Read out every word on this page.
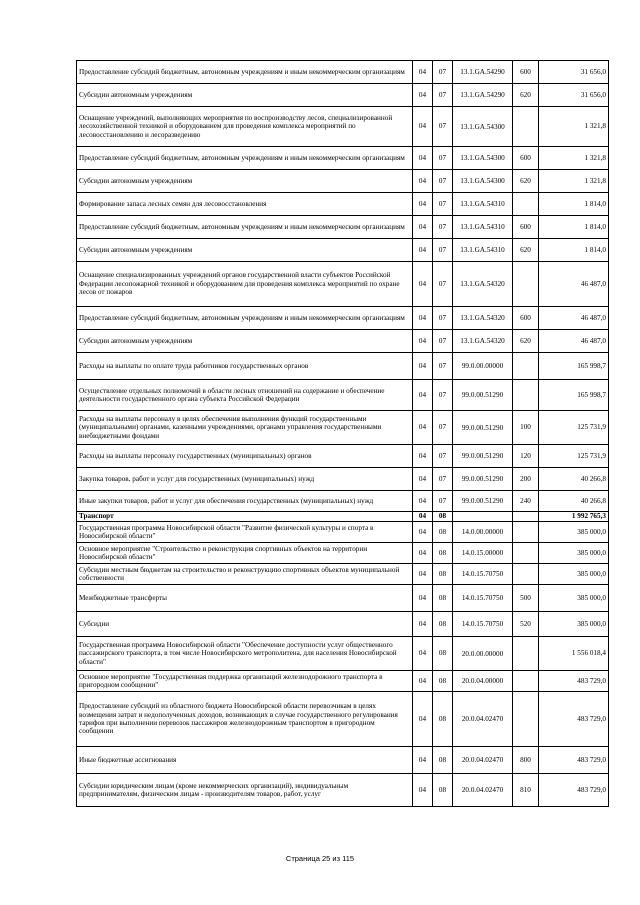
Предоставление субсидий бюджетным, автономным учреждениям и иным некоммерческим организациям	04	07	13.1.GA.54290	600	31 656,0
Субсидии автономным учреждениям	04	07	13.1.GA.54290	620	31 656,0
Оснащение учреждений, выполняющих мероприятия по воспроизводству лесов, специализированной лесохозяйственной техникой и оборудованием для проведения комплекса мероприятий по лесовосстановлению и лесоразведению	04	07	13.1.GA.54300		1 321,8
Предоставление субсидий бюджетным, автономным учреждениям и иным некоммерческим организациям	04	07	13.1.GA.54300	600	1 321,8
Субсидии автономным учреждениям	04	07	13.1.GA.54300	620	1 321,8
Формирование запаса лесных семян для лесовосстановления	04	07	13.1.GA.54310		1 814,0
Предоставление субсидий бюджетным, автономным учреждениям и иным некоммерческим организациям	04	07	13.1.GA.54310	600	1 814,0
Субсидии автономным учреждениям	04	07	13.1.GA.54310	620	1 814,0
Оснащение специализированных учреждений органов государственной власти субъектов Российской Федерации лесопожарной техникой и оборудованием для проведения комплекса мероприятий по охране лесов от пожаров	04	07	13.1.GA.54320		46 487,0
Предоставление субсидий бюджетным, автономным учреждениям и иным некоммерческим организациям	04	07	13.1.GA.54320	600	46 487,0
Субсидии автономным учреждениям	04	07	13.1.GA.54320	620	46 487,0
Расходы на выплаты по оплате труда работников государственных органов	04	07	99.0.00.00000		165 998,7
Осуществление отдельных полномочий в области лесных отношений на содержание и обеспечение деятельности государственного органа субъекта Российской Федерации	04	07	99.0.00.51290		165 998,7
Расходы на выплаты персоналу в целях обеспечения выполнения функций государственными (муниципальными) органами, казенными учреждениями, органами управления государственными внебюджетными фондами	04	07	99.0.00.51290	100	125 731,9
Расходы на выплаты персоналу государственных (муниципальных) органов	04	07	99.0.00.51290	120	125 731,9
Закупка товаров, работ и услуг для государственных (муниципальных) нужд	04	07	99.0.00.51290	200	40 266,8
Иные закупки товаров, работ и услуг для обеспечения государственных (муниципальных) нужд	04	07	99.0.00.51290	240	40 266,8
Транспорт	04	08			1 992 765,3
Государственная программа Новосибирской области "Развитие физической культуры и спорта в Новосибирской области"	04	08	14.0.00.00000		385 000,0
Основное мероприятие "Строительство и реконструкция спортивных объектов на территории Новосибирской области"	04	08	14.0.15.00000		385 000,0
Субсидии местным бюджетам на строительство и реконструкцию спортивных объектов муниципальной собственности	04	08	14.0.15.70750		385 000,0
Межбюджетные трансферты	04	08	14.0.15.70750	500	385 000,0
Субсидии	04	08	14.0.15.70750	520	385 000,0
Государственная программа Новосибирской области "Обеспечение доступности услуг общественного пассажирского транспорта, в том числе Новосибирского метрополитена, для населения Новосибирской области"	04	08	20.0.00.00000		1 556 018,4
Основное мероприятие "Государственная поддержка организаций железнодорожного транспорта в пригородном сообщении"	04	08	20.0.04.00000		483 729,0
Предоставление субсидий из областного бюджета Новосибирской области перевозчикам в целях возмещения затрат и недополученных доходов, возникающих в случае государственного регулирования тарифов при выполнении перевозок пассажиров железнодорожным транспортом в пригородном сообщении	04	08	20.0.04.02470		483 729,0
Иные бюджетные ассигнования	04	08	20.0.04.02470	800	483 729,0
Субсидии юридическим лицам (кроме некоммерческих организаций), индивидуальным предпринимателям, физическим лицам - производителям товаров, работ, услуг	04	08	20.0.04.02470	810	483 729,0
Страница 25 из 115
